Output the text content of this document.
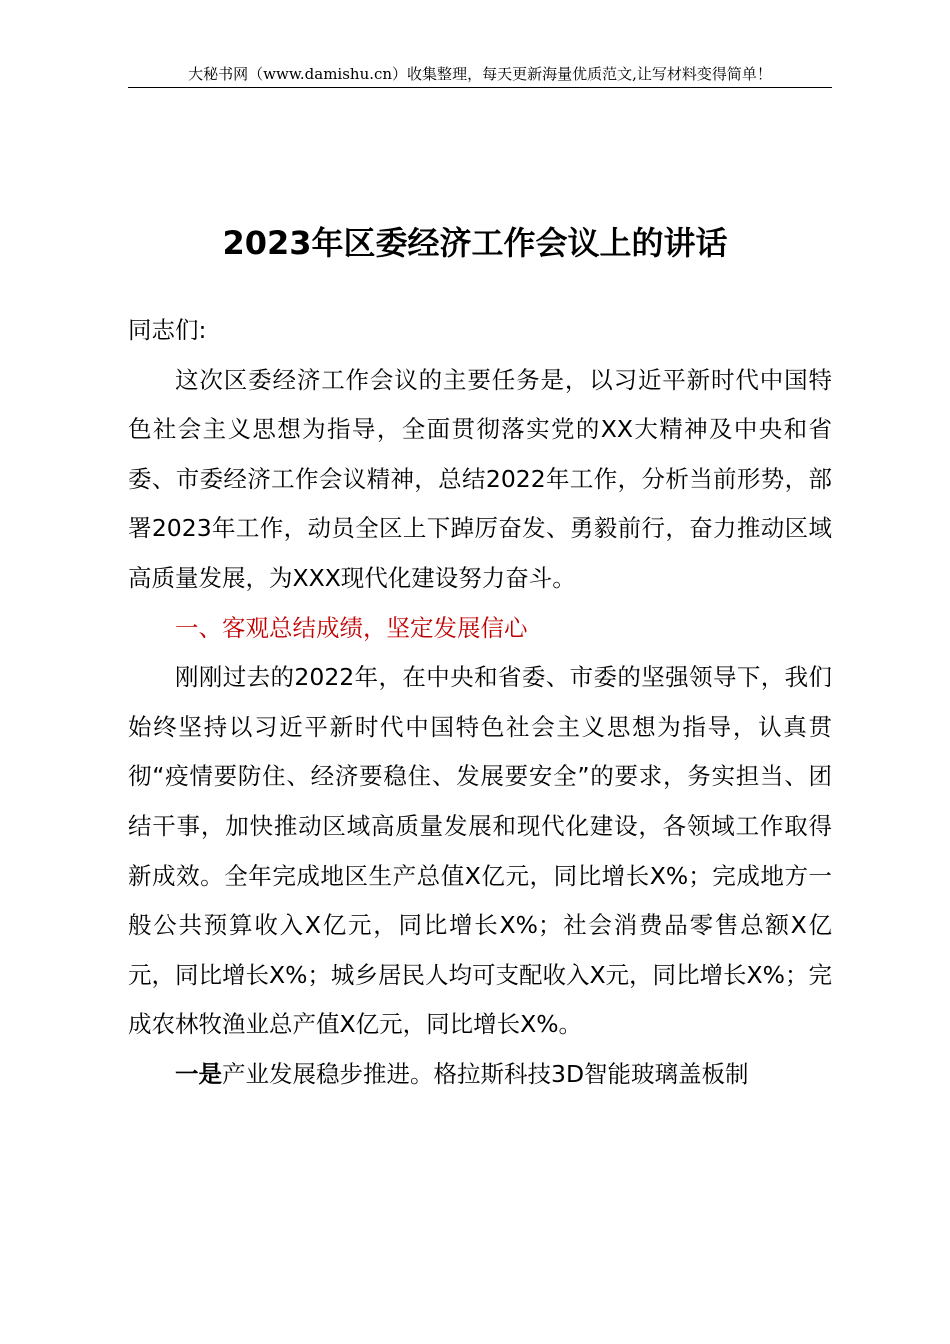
大秘书网（www.damishu.cn）收集整理，每天更新海量优质范文,让写材料变得简单！
2023年区委经济工作会议上的讲话

同志们:

这次区委经济工作会议的主要任务是，以习近平新时代中国特色社会主义思想为指导，全面贯彻落实党的XX大精神及中央和省委、市委经济工作会议精神，总结2022年工作，分析当前形势，部署2023年工作，动员全区上下踔厉奋发、勇毅前行，奋力推动区域高质量发展，为XXX现代化建设努力奋斗。

一、客观总结成绩，坚定发展信心

刚刚过去的2022年，在中央和省委、市委的坚强领导下，我们始终坚持以习近平新时代中国特色社会主义思想为指导，认真贯彻“疫情要防住、经济要稳住、发展要安全”的要求，务实担当、团结干事，加快推动区域高质量发展和现代化建设，各领域工作取得新成效。全年完成地区生产总值X亿元，同比增长X%；完成地方一般公共预算收入X亿元，同比增长X%；社会消费品零售总额X亿元，同比增长X%；城乡居民人均可支配收入X元，同比增长X%；完成农林牧渔业总产值X亿元，同比增长X%。

一是产业发展稳步推进。格拉斯科技3D智能玻璃盖板制
